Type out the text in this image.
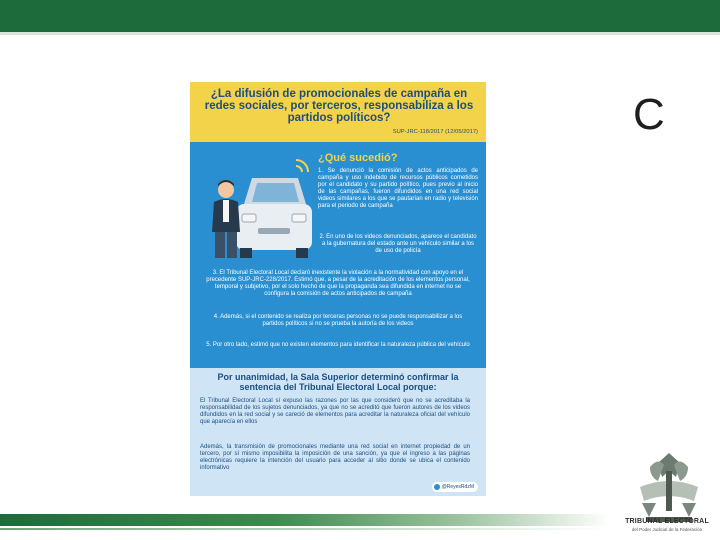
C

¿La difusión de promocionales de campaña en redes sociales, por terceros, responsabiliza a los partidos políticos?

SUP-JRC-118/2017 (12/05/2017)
¿Qué sucedió?

1. Se denunció la comisión de actos anticipados de campaña y uso indebido de recursos públicos cometidos por el candidato y su partido político, pues previo al inicio de las campañas, fueron difundidos en una red social videos similares a los que se pautarían en radio y televisión para el periodo de campaña

2. En uno de los videos denunciados, aparece el candidato a la gubernatura del estado ante un vehículo similar a los de uso de policía

3. El Tribunal Electoral Local declaró inexistente la violación a la normatividad con apoyo en el precedente SUP-JRC-228/2017. Estimó que, a pesar de la acreditación de los elementos personal, temporal y subjetivo, por el solo hecho de que la propaganda sea difundida en internet no se configura la comisión de actos anticipados de campaña

4. Además, si el contenido se realiza por terceras personas no se puede responsabilizar a los partidos políticos si no se prueba la autoría de los videos

5. Por otro lado, estimó que no existen elementos para identificar la naturaleza pública del vehículo

Por unanimidad, la Sala Superior determinó confirmar la sentencia del Tribunal Electoral Local porque:

El Tribunal Electoral Local sí expuso las razones por las que consideró que no se acreditaba la responsabilidad de los sujetos denunciados, ya que no se acreditó que fueron autores de los videos difundidos en la red social y se careció de elementos para acreditar la naturaleza oficial del vehículo que aparecía en ellos

Además, la transmisión de promocionales mediante una red social en internet propiedad de un tercero, por sí mismo imposibilita la imposición de una sanción, ya que el ingreso a las páginas electrónicas requiere la intención del usuario para acceder al sitio donde se ubica el contenido informativo

@ReyesRdzM

TRIBUNAL ELECTORAL

del Poder Judicial de la Federación
